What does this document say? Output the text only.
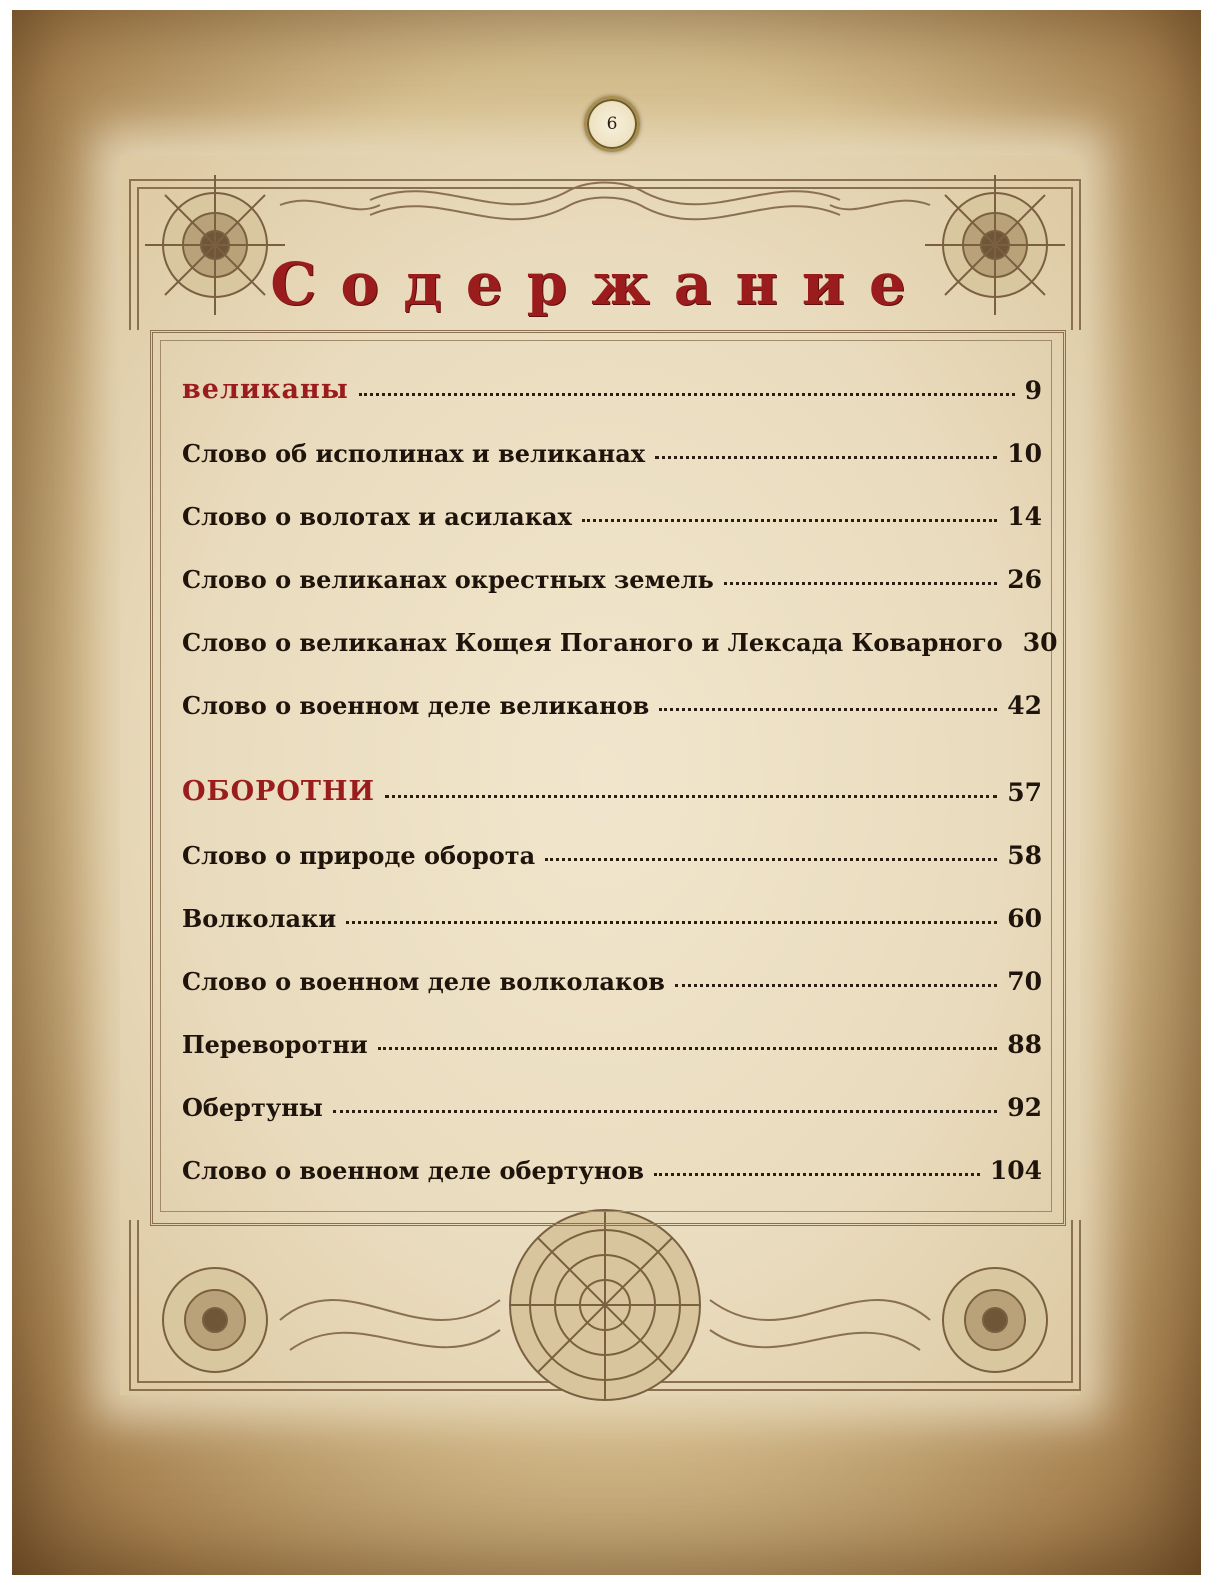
6
Содержание
великаны	9
Слово об исполинах и великанах	10
Слово о волотах и асилаках	14
Слово о великанах окрестных земель	26
Слово о великанах Кощея Поганого и Лексада Коварного 30
Слово о военном деле великанов	42
ОБОРОТНИ	57
Слово о природе оборота	58
Волколаки	60
Слово о военном деле волколаков	70
Переворотни	88
Обертуны	92
Слово о военном деле обертунов	104
